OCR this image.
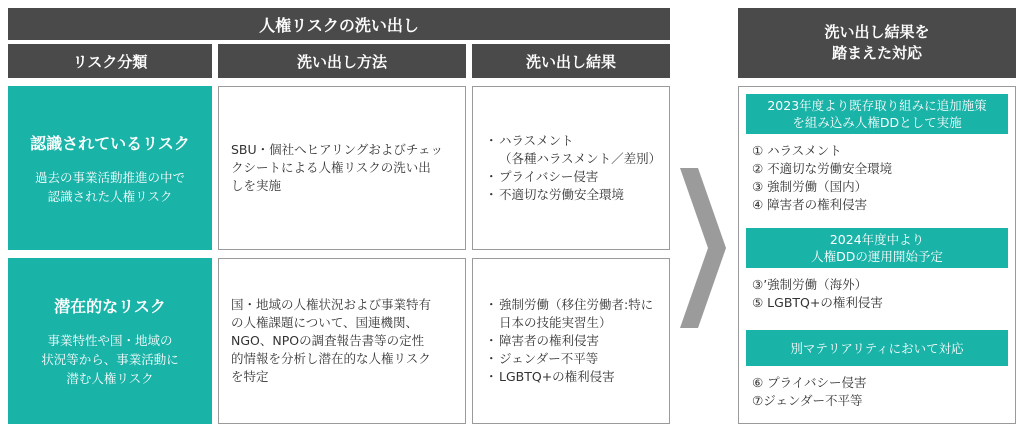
人権リスクの洗い出し
リスク分類	洗い出し方法	洗い出し結果
認識されているリスク
過去の事業活動推進の中で
認識された人権リスク
SBU・個社へヒアリングおよびチェッ
クシートによる人権リスクの洗い出
しを実施
・ ハラスメント
（各種ハラスメント／差別）
・ プライバシー侵害
・ 不適切な労働安全環境
潜在的なリスク
事業特性や国・地域の
状況等から、事業活動に
潜む人権リスク
国・地域の人権状況および事業特有
の人権課題について、国連機関、
NGO、NPOの調査報告書等の定性
的情報を分析し潜在的な人権リスク
を特定
・ 強制労働（移住労働者:特に
日本の技能実習生）
・ 障害者の権利侵害
・ ジェンダー不平等
・ LGBTQ+の権利侵害
洗い出し結果を
踏まえた対応
2023年度より既存取り組みに追加施策
を組み込み人権DDとして実施
① ハラスメント
② 不適切な労働安全環境
③ 強制労働（国内）
④ 障害者の権利侵害
2024年度中より
人権DDの運用開始予定
③’強制労働（海外）
⑤ LGBTQ+の権利侵害
別マテリアリティにおいて対応
⑥ プライバシー侵害
⑦ジェンダー不平等
